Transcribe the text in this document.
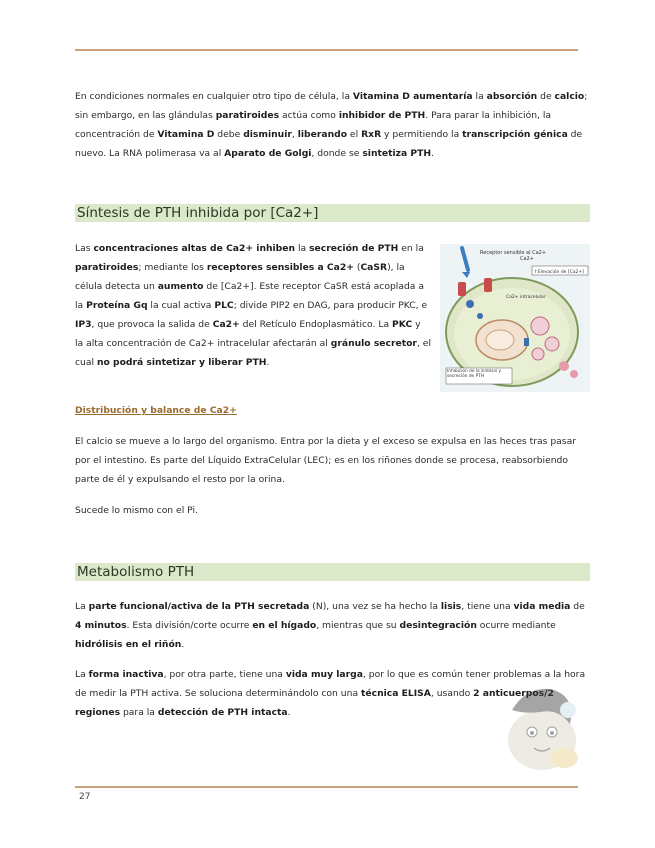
En condiciones normales en cualquier otro tipo de célula, la Vitamina D aumentaría la absorción de calcio; sin embargo, en las glándulas paratiroides actúa como inhibidor de PTH. Para parar la inhibición, la concentración de Vitamina D debe disminuir, liberando el RxR y permitiendo la transcripción génica de nuevo. La RNA polimerasa va al Aparato de Golgi, donde se sintetiza PTH.

Síntesis de PTH inhibida por [Ca2+]

Las concentraciones altas de Ca2+ inhiben la secreción de PTH en la paratiroides; mediante los receptores sensibles a Ca2+ (CaSR), la célula detecta un aumento de [Ca2+]. Este receptor CaSR está acoplada a la Proteína Gq la cual activa PLC; divide PIP2 en DAG, para producir PKC, e IP3, que provoca la salida de Ca2+ del Retículo Endoplasmático. La PKC y la alta concentración de Ca2+ intracelular afectarán al gránulo secretor, el cual no podrá sintetizar y liberar PTH.

Receptor sensible al Ca2+
Ca2+
↑Elevación de [Ca2+]
Ca2+ intracelular
Inhibición de la síntesis y secreción de PTH
Distribución y balance de Ca2+

El calcio se mueve a lo largo del organismo. Entra por la dieta y el exceso se expulsa en las heces tras pasar por el intestino. Es parte del Líquido ExtraCelular (LEC); es en los riñones donde se procesa, reabsorbiendo parte de él y expulsando el resto por la orina.

Sucede lo mismo con el Pi.

Metabolismo PTH

La parte funcional/activa de la PTH secretada (N), una vez se ha hecho la lisis, tiene una vida media de 4 minutos. Esta división/corte ocurre en el hígado, mientras que su desintegración ocurre mediante hidrólisis en el riñón.

La forma inactiva, por otra parte, tiene una vida muy larga, por lo que es común tener problemas a la hora de medir la PTH activa. Se soluciona determinándolo con una técnica ELISA, usando 2 anticuerpos/2 regiones para la detección de PTH intacta.

27
